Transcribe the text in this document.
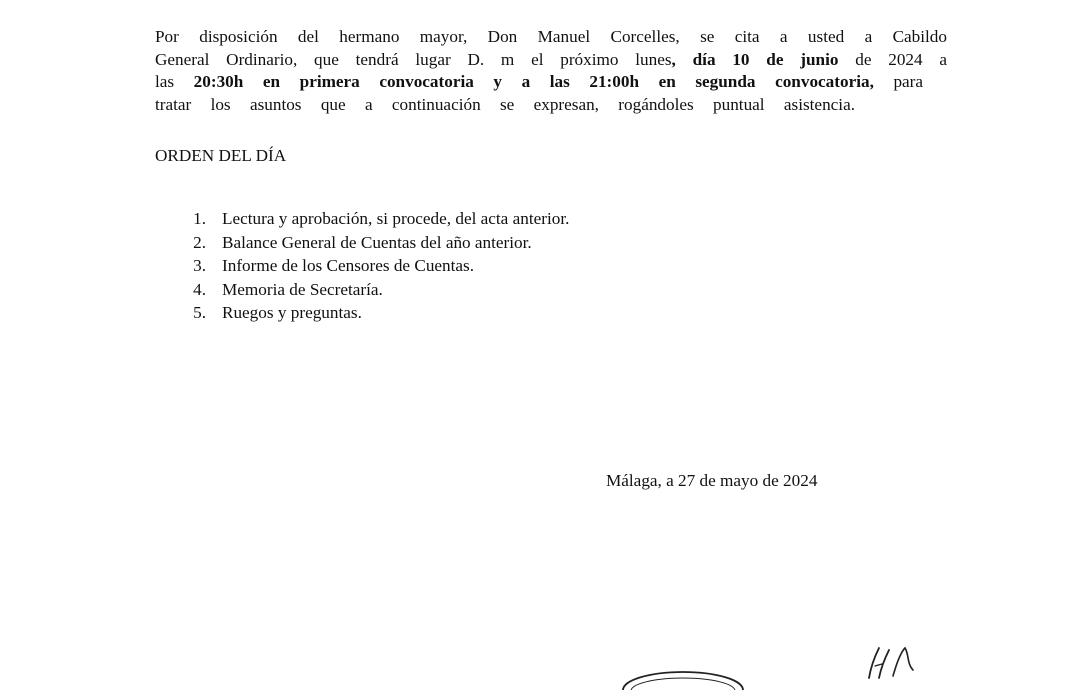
Por disposición del hermano mayor, Don Manuel Corcelles, se cita a usted a Cabildo
General Ordinario, que tendrá lugar D. m el próximo lunes, día 10 de junio de 2024 a
las 20:30h en primera convocatoria y a las 21:00h en segunda convocatoria, para
tratar los asuntos que a continuación se expresan, rogándoles puntual asistencia.
ORDEN DEL DÍA
1. Lectura y aprobación, si procede, del acta anterior.
2. Balance General de Cuentas del año anterior.
3. Informe de los Censores de Cuentas.
4. Memoria de Secretaría.
5. Ruegos y preguntas.
Málaga, a 27 de mayo de 2024
